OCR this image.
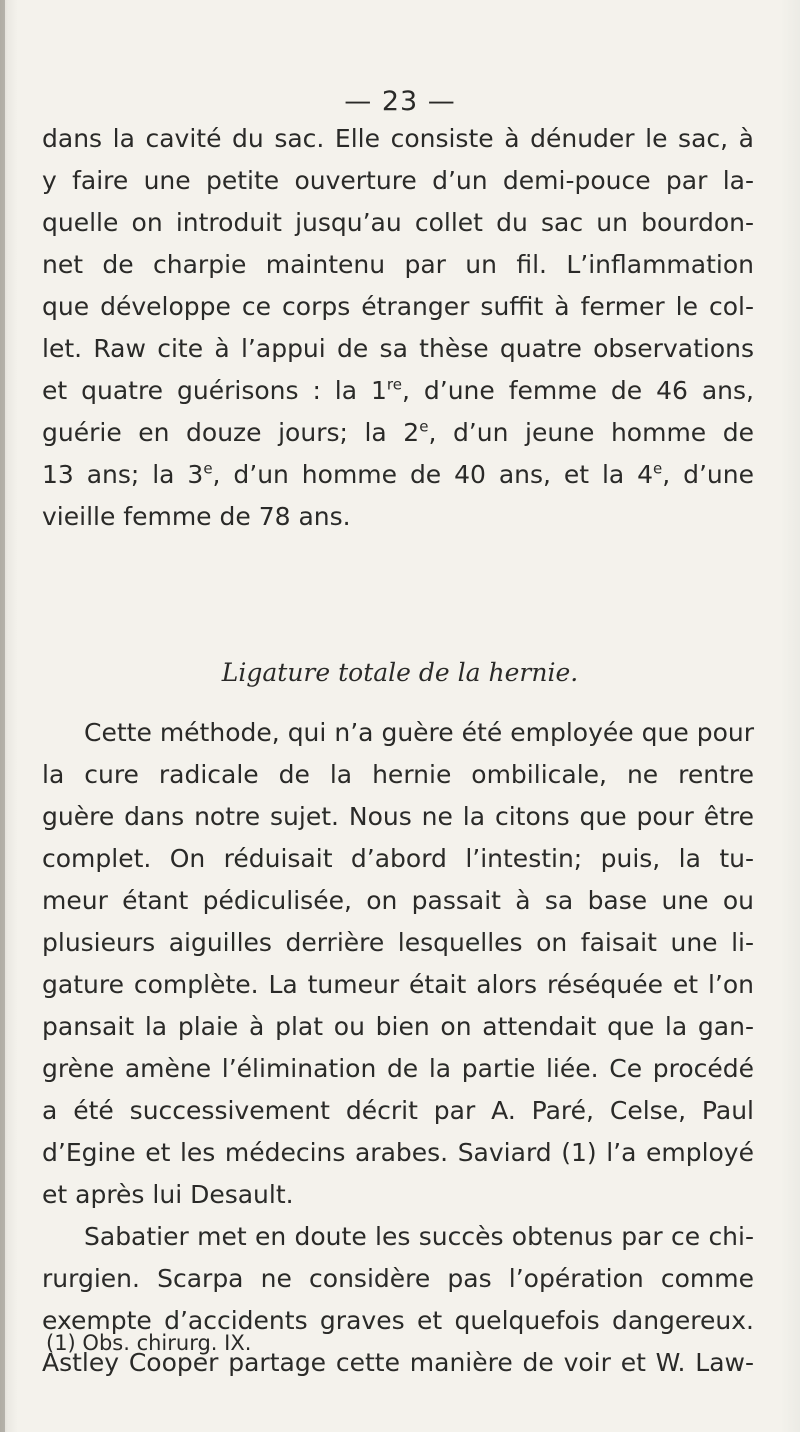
— 23 —
dans la cavité du sac. Elle consiste à dénuder le sac, à
y faire une petite ouverture d’un demi-pouce par la-
quelle on introduit jusqu’au collet du sac un bourdon-
net de charpie maintenu par un fil. L’inflammation
que développe ce corps étranger suffit à fermer le col-
let. Raw cite à l’appui de sa thèse quatre observations
et quatre guérisons : la 1re, d’une femme de 46 ans,
guérie en douze jours; la 2e, d’un jeune homme de
13 ans; la 3e, d’un homme de 40 ans, et la 4e, d’une
vieille femme de 78 ans.
Ligature totale de la hernie.
Cette méthode, qui n’a guère été employée que pour
la cure radicale de la hernie ombilicale, ne rentre
guère dans notre sujet. Nous ne la citons que pour être
complet. On réduisait d’abord l’intestin; puis, la tu-
meur étant pédiculisée, on passait à sa base une ou
plusieurs aiguilles derrière lesquelles on faisait une li-
gature complète. La tumeur était alors réséquée et l’on
pansait la plaie à plat ou bien on attendait que la gan-
grène amène l’élimination de la partie liée. Ce procédé
a été successivement décrit par A. Paré, Celse, Paul
d’Egine et les médecins arabes. Saviard (1) l’a employé
et après lui Desault.
Sabatier met en doute les succès obtenus par ce chi-
rurgien. Scarpa ne considère pas l’opération comme
exempte d’accidents graves et quelquefois dangereux.
Astley Cooper partage cette manière de voir et W. Law-
(1) Obs. chirurg. IX.
